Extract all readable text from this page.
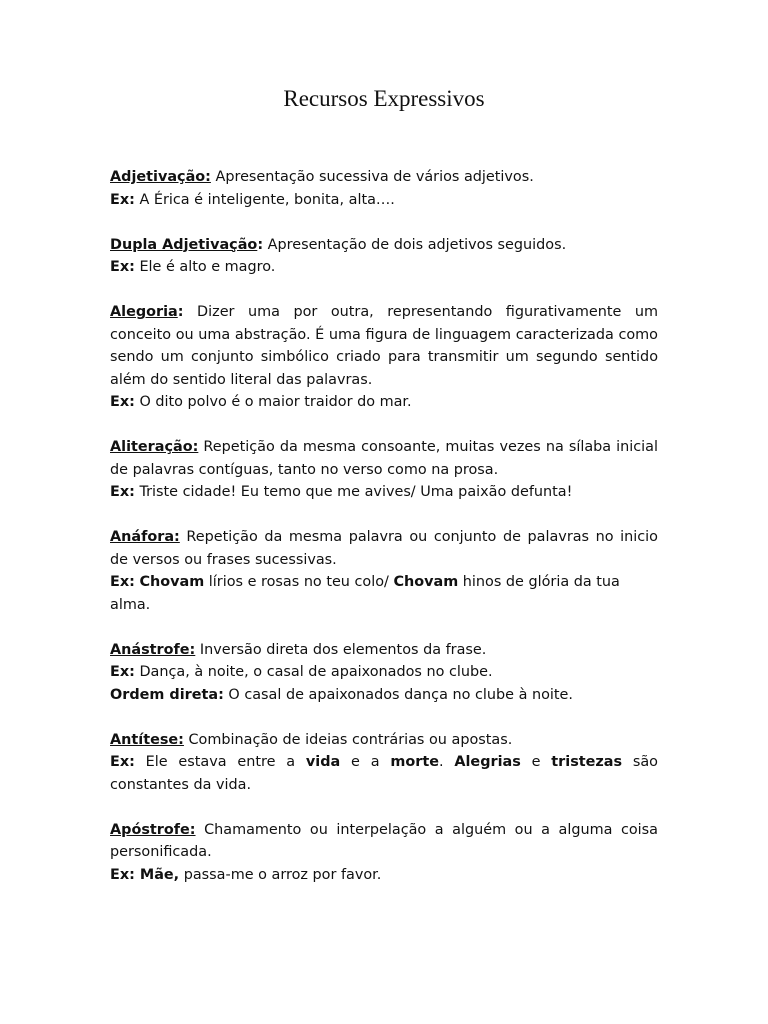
Recursos Expressivos

Adjetivação: Apresentação sucessiva de vários adjetivos.

Ex: A Érica é inteligente, bonita, alta….

Dupla Adjetivação: Apresentação de dois adjetivos seguidos.

Ex: Ele é alto e magro.

Alegoria: Dizer uma por outra, representando figurativamente um conceito ou uma abstração. É uma figura de linguagem caracterizada como sendo um conjunto simbólico criado para transmitir um segundo sentido além do sentido literal das palavras.

Ex: O dito polvo é o maior traidor do mar.

Aliteração: Repetição da mesma consoante, muitas vezes na sílaba inicial de palavras contíguas, tanto no verso como na prosa.

Ex: Triste cidade! Eu temo que me avives/ Uma paixão defunta!

Anáfora: Repetição da mesma palavra ou conjunto de palavras no inicio de versos ou frases sucessivas.

Ex: Chovam lírios e rosas no teu colo/ Chovam hinos de glória da tua alma.

Anástrofe: Inversão direta dos elementos da frase.

Ex: Dança, à noite, o casal de apaixonados no clube.

Ordem direta: O casal de apaixonados dança no clube à noite.

Antítese: Combinação de ideias contrárias ou apostas.

Ex: Ele estava entre a vida e a morte. Alegrias e tristezas são constantes da vida.

Apóstrofe: Chamamento ou interpelação a alguém ou a alguma coisa personificada.

Ex: Mãe, passa-me o arroz por favor.
